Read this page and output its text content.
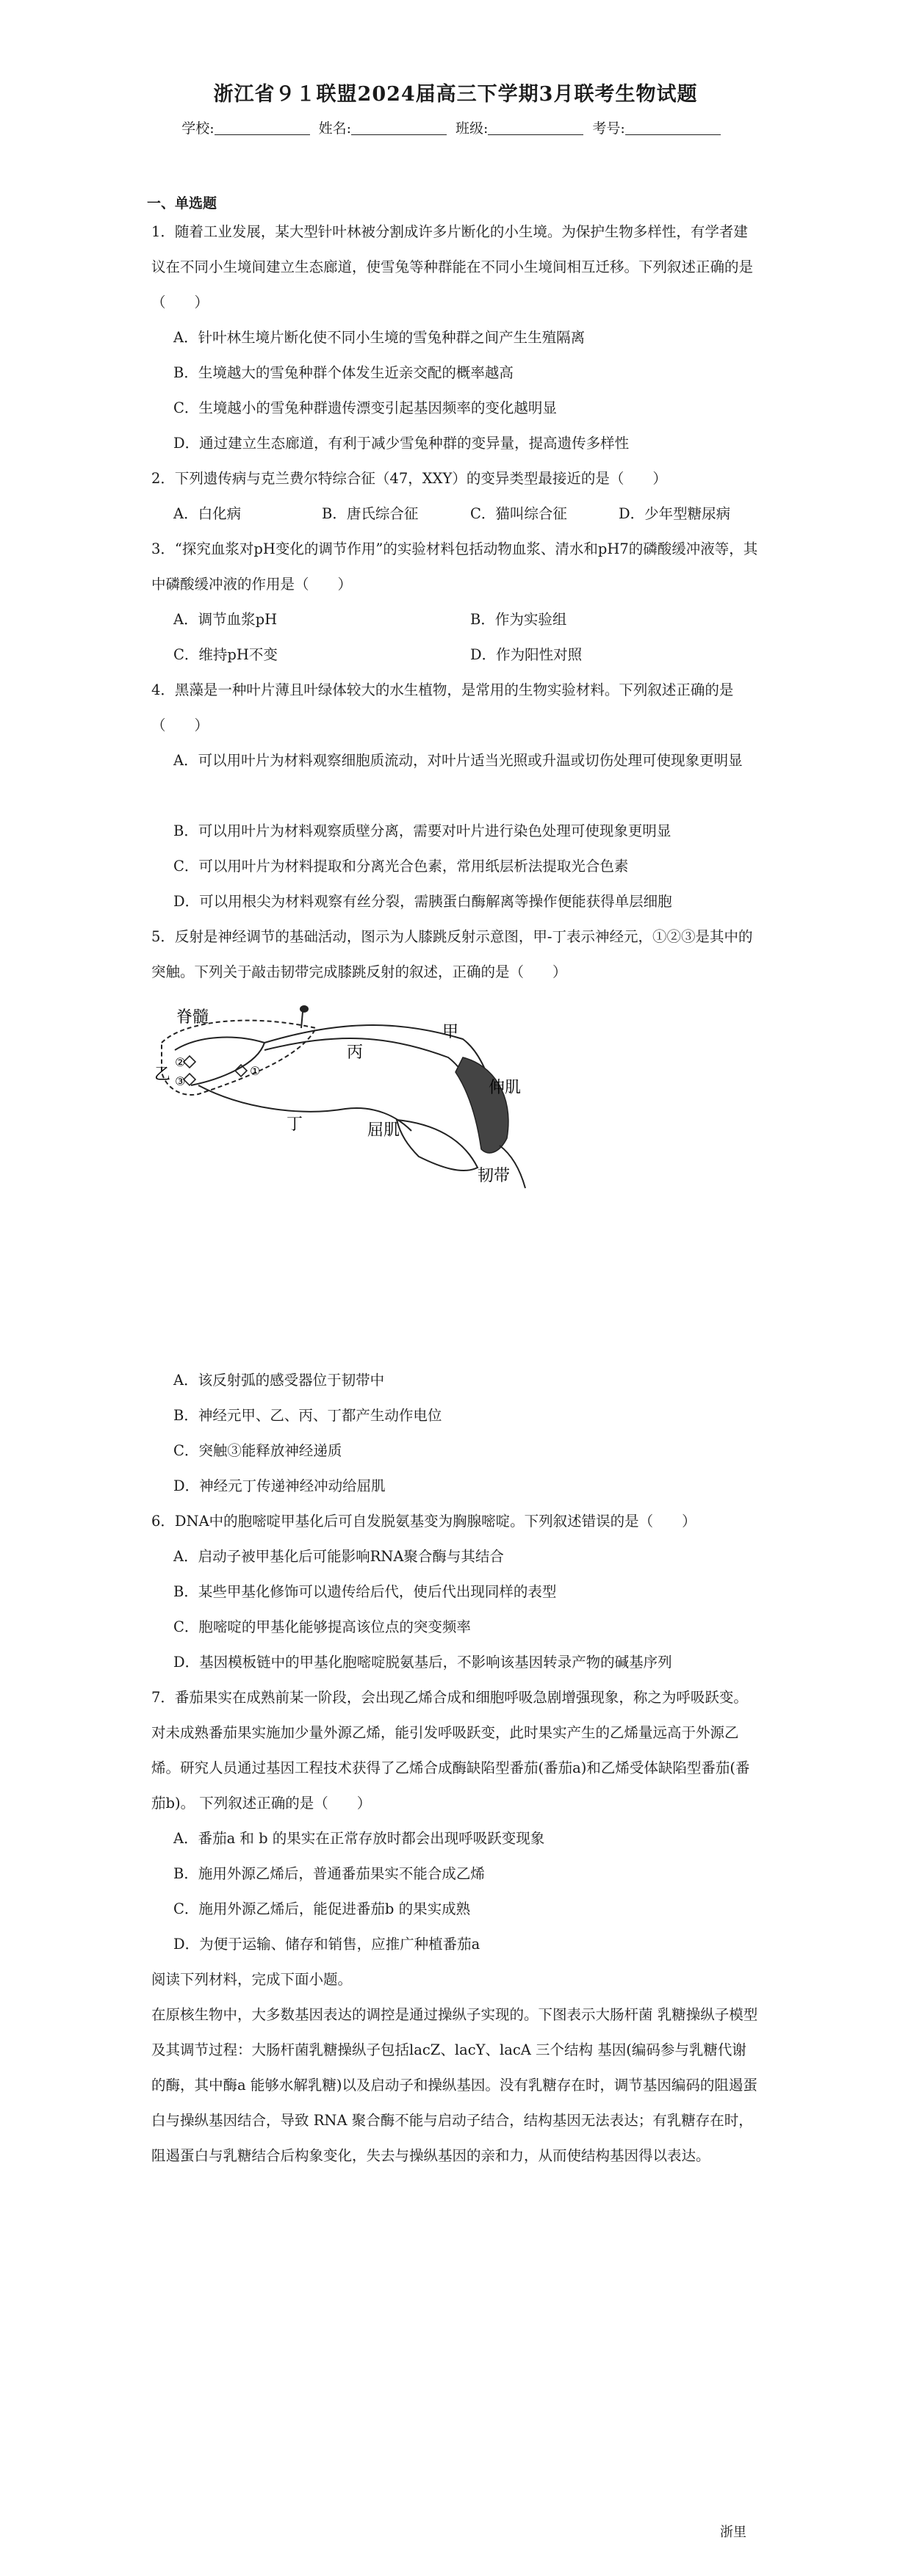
浙江省９１联盟2024届高三下学期3月联考生物试题
学校:	姓名:	班级:	考号:
一、单选题
1．随着工业发展，某大型针叶林被分割成许多片断化的小生境。为保护生物多样性，有学者建议在不同小生境间建立生态廊道，使雪兔等种群能在不同小生境间相互迁移。下列叙述正确的是（　　）
A．针叶林生境片断化使不同小生境的雪兔种群之间产生生殖隔离
B．生境越大的雪兔种群个体发生近亲交配的概率越高
C．生境越小的雪兔种群遗传漂变引起基因频率的变化越明显
D．通过建立生态廊道，有利于减少雪兔种群的变异量，提高遗传多样性
2．下列遗传病与克兰费尔特综合征（47，XXY）的变异类型最接近的是（　　）
A．白化病	B．唐氏综合征	C．猫叫综合征	D．少年型糖尿病
3．“探究血浆对pH变化的调节作用”的实验材料包括动物血浆、清水和pH7的磷酸缓冲液等，其中磷酸缓冲液的作用是（　　）
A．调节血浆pH	B．作为实验组
C．维持pH不变	D．作为阳性对照
4．黑藻是一种叶片薄且叶绿体较大的水生植物，是常用的生物实验材料。下列叙述正确的是（　　）
A．可以用叶片为材料观察细胞质流动，对叶片适当光照或升温或切伤处理可使现象更明显
B．可以用叶片为材料观察质壁分离，需要对叶片进行染色处理可使现象更明显
C．可以用叶片为材料提取和分离光合色素，常用纸层析法提取光合色素
D．可以用根尖为材料观察有丝分裂，需胰蛋白酶解离等操作便能获得单层细胞
5．反射是神经调节的基础活动，图示为人膝跳反射示意图，甲-丁表示神经元，①②③是其中的突触。下列关于敲击韧带完成膝跳反射的叙述，正确的是（　　）
脊髓
乙
②
③
①
丙
甲
丁
伸肌
屈肌
韧带
A．该反射弧的感受器位于韧带中
B．神经元甲、乙、丙、丁都产生动作电位
C．突触③能释放神经递质
D．神经元丁传递神经冲动给屈肌
6．DNA中的胞嘧啶甲基化后可自发脱氨基变为胸腺嘧啶。下列叙述错误的是（　　）
A．启动子被甲基化后可能影响RNA聚合酶与其结合
B．某些甲基化修饰可以遗传给后代，使后代出现同样的表型
C．胞嘧啶的甲基化能够提高该位点的突变频率
D．基因模板链中的甲基化胞嘧啶脱氨基后，不影响该基因转录产物的碱基序列
7．番茄果实在成熟前某一阶段，会出现乙烯合成和细胞呼吸急剧增强现象，称之为呼吸跃变。对未成熟番茄果实施加少量外源乙烯，能引发呼吸跃变，此时果实产生的乙烯量远高于外源乙烯。研究人员通过基因工程技术获得了乙烯合成酶缺陷型番茄(番茄a)和乙烯受体缺陷型番茄(番茄b)。 下列叙述正确的是（　　）
A．番茄a 和 b 的果实在正常存放时都会出现呼吸跃变现象
B．施用外源乙烯后，普通番茄果实不能合成乙烯
C．施用外源乙烯后，能促进番茄b 的果实成熟
D．为便于运输、储存和销售，应推广种植番茄a
阅读下列材料，完成下面小题。
在原核生物中，大多数基因表达的调控是通过操纵子实现的。下图表示大肠杆菌 乳糖操纵子模型及其调节过程：大肠杆菌乳糖操纵子包括lacZ、lacY、lacA 三个结构 基因(编码参与乳糖代谢的酶，其中酶a 能够水解乳糖)以及启动子和操纵基因。没有乳糖存在时，调节基因编码的阻遏蛋白与操纵基因结合，导致 RNA 聚合酶不能与启动子结合，结构基因无法表达；有乳糖存在时，阻遏蛋白与乳糖结合后构象变化，失去与操纵基因的亲和力，从而使结构基因得以表达。
浙里
